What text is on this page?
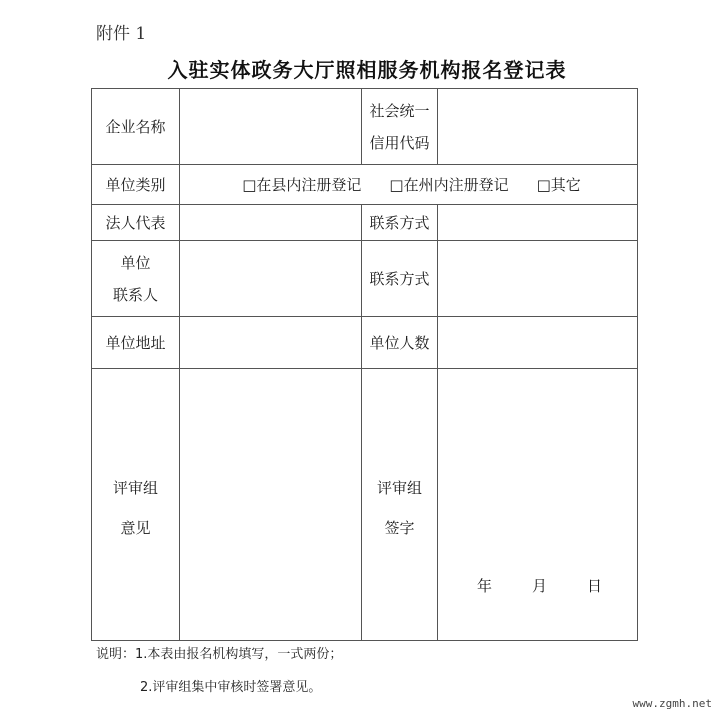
附件 1
入驻实体政务大厅照相服务机构报名登记表
企业名称		社会统一
信用代码	

单位类别	□在县内注册登记 □在州内注册登记 □其它		

法人代表		联系方式	

单位
联系人		联系方式	
单位地址		单位人数	

评审组
意见		评审组
签字	年 月 日
说明：1.本表由报名机构填写，一式两份；
2.评审组集中审核时签署意见。
www.zgmh.net
